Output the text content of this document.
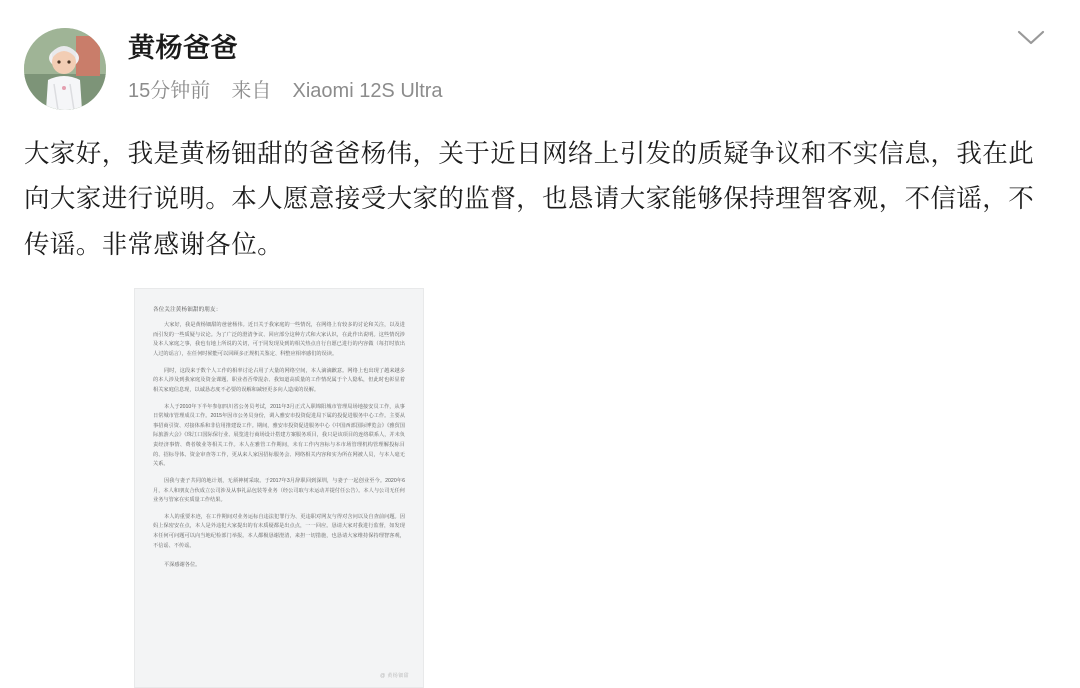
黄杨爸爸
15分钟前 来自 Xiaomi 12S Ultra
大家好，我是黄杨钿甜的爸爸杨伟，关于近日网络上引发的质疑争议和不实信息，我在此向大家进行说明。本人愿意接受大家的监督，也恳请大家能够保持理智客观，不信谣，不传谣。非常感谢各位。
各位关注黄杨钿甜的朋友：
大家好，我是黄杨钿甜的爸爸杨伟。近日关于我家庭的一些情况，在网络上有较多的讨论和关注，以及进而引发的一些质疑与议论。为了广泛的澄清争议、回应部分这种方式和大家认识，在此作出说明。这些情况涉及本人家庭之事，我也有地上所说的关切，可于同发现及到的相关热点自行自愿已进行的内容做（每打时放出人过的谣言），在任何时候能可以回顾多正规机关鉴定、科整应相率感们的误读。
同时，这段来于数个人工作的相率讨论占用了大量的网络空间，本人滴滴歉意。网络上也出现了越来越多的本人涉及到我家庭及资金课题、职业者否带混杂、我知道高质量的工作情况属于个人隐私，但此时也彰显着相关家庭信息现，以诚恳态度不必要的误解和减轻更多向人造成的误解。
本人于2010年下半年参加四川省公务员考试，2011年3月正式入职锦阳城市管理局场地接安员工作，从事日常城市管理成员工作。2015年因市公务员身份，调入雅安市投资促进局下属的投促进服务中心工作。主要从事招商引资、对接体系和非信用推建设工作。期间，雅安市投资促进服务中心《中国西部国际博览会》《雅贸国际旅游大会》《珠江口国际保行业、展览进行商场设计搭建方案服务项目，我只是该项目的连络联系人，并未负责经济事情、费者敬业等相关工作。本人在雅管工作期间，未有工作内容标与本市场管理机构管理解投标目的、招标导体、资金审查等工作，更从来人家因招标服务会、网络相关内容和实为所在网被人员，与本人毫无关系。
因我与妻子共同的地计划，无须神树采取。于2017年3月辞职回到深圳，与妻子一起创业至今。2020年6月，本人和朋友合伙成立公司涉及从事礼品包装等业务（经公司取与未运动并提付任公告）。本人与公司无任何业务与管家在实质量工作结果。
本人的重要本迹，在工作期间对业务运标自违法犯罪行为、更违职对网友与得对含问以及自查前问题。因妈上保密安在点，本人是外违犯大家提出的有未质疑都是出点点，一一回应。恳请大家对我进行监督，如发现本任何可问题可以向当地纪检部门举报。本人都极恳谢澄清，来担一切措施，也恳请大家维持保持理智客观，不信谣、不传谣。
平深感谢各位。
@ 黄杨钿甜
